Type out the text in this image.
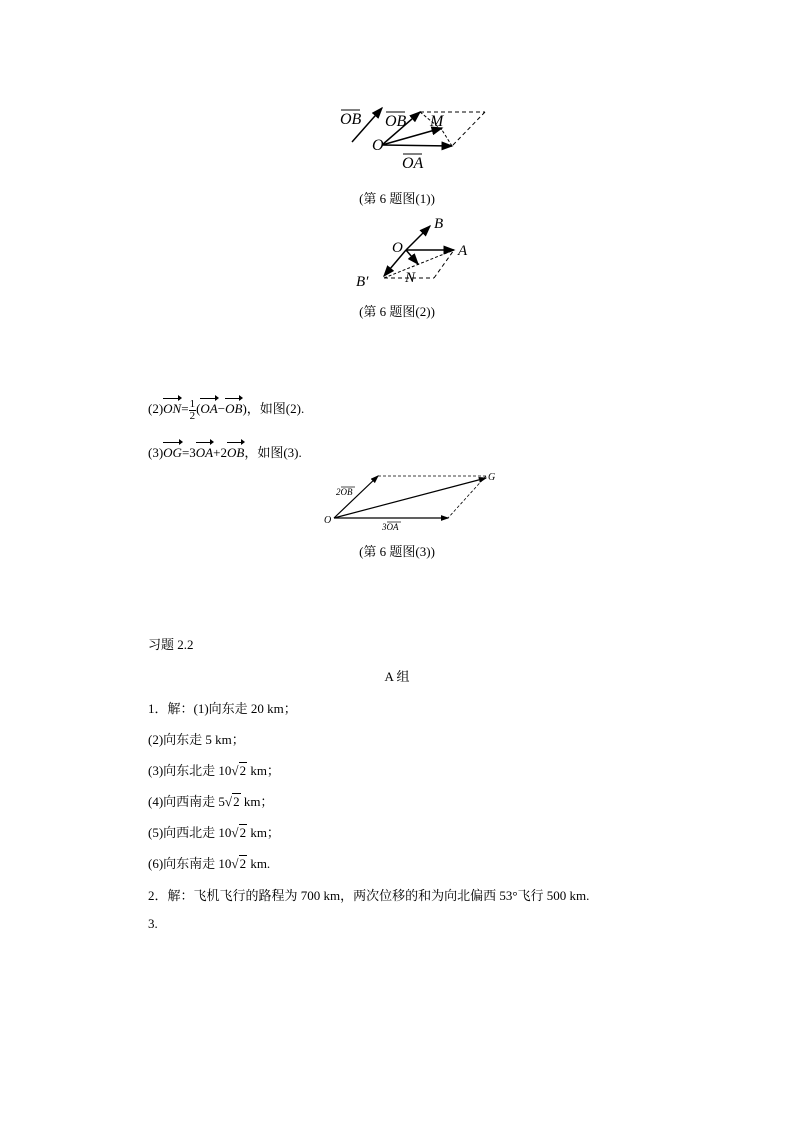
OB OB M
O
OA
(第 6 题图(1))
B
O	A
B′ N
(第 6 题图(2))
$(2)ON= \frac{1}{2} (OA-OB)$，如图(2).
(3)OG=3OA+2OB，如图(3).
G
2OB
O
3OA
(第 6 题图(3))
习题 2.2
A 组
1．解：(1)向东走 20 km；
(2)向东走 5 km；
(3)向东北走 10√2 km；
(4)向西南走 5√2 km；
(5)向西北走 10√2 km；
(6)向东南走 10√2 km.
2．解：飞机飞行的路程为 700 km，两次位移的和为向北偏西 53°飞行 500 km.
3.
